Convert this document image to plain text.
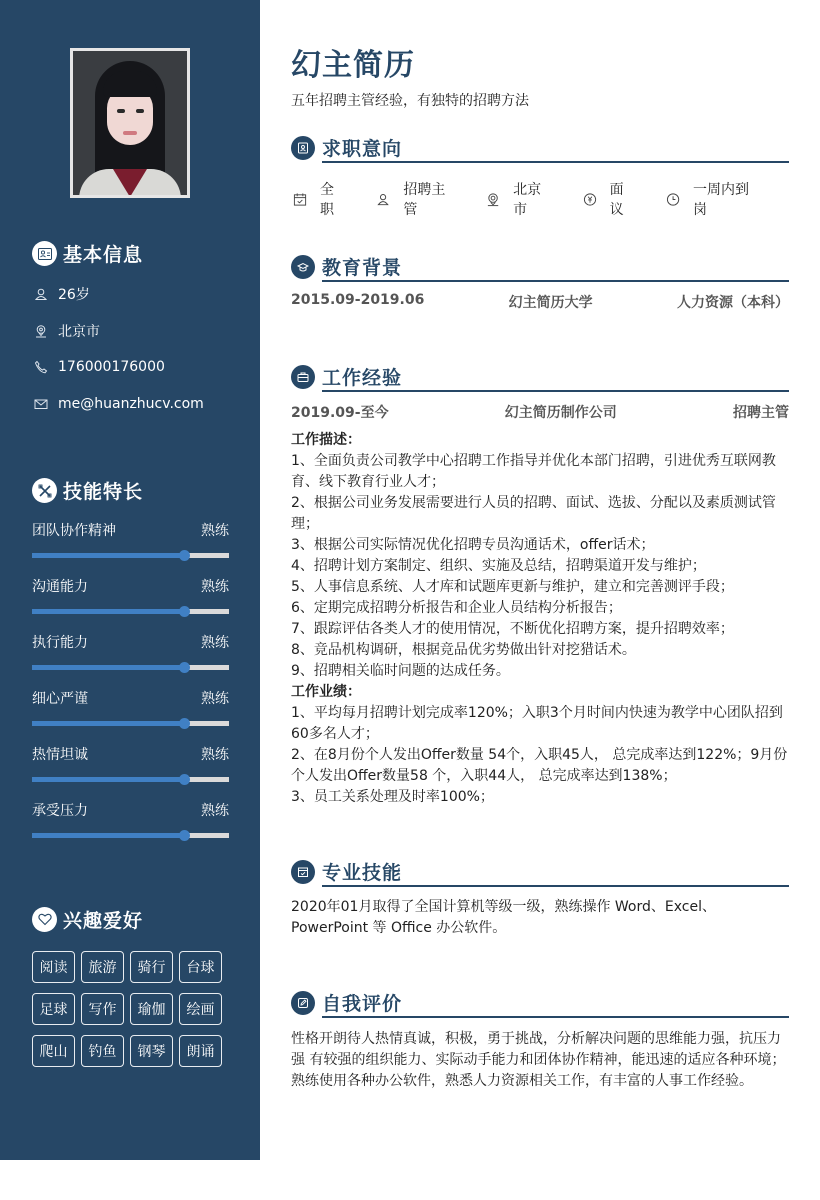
基本信息
26岁
北京市
176000176000
me@huanzhucv.com
技能特长
团队协作精神	熟练
沟通能力	熟练
执行能力	熟练
细心严谨	熟练
热情坦诚	熟练
承受压力	熟练
兴趣爱好
阅读	旅游	骑行	台球
足球	写作	瑜伽	绘画
爬山	钓鱼	钢琴	朗诵
幻主简历
五年招聘主管经验，有独特的招聘方法
求职意向
全职
招聘主管
北京市
面议
一周内到岗
教育背景
2015.09-2019.06	幻主简历大学	人力资源（本科）
工作经验
2019.09-至今	幻主简历制作公司	招聘主管
工作描述：
1、全面负责公司教学中心招聘工作指导并优化本部门招聘，引进优秀互联网教育、线下教育行业人才；
2、根据公司业务发展需要进行人员的招聘、面试、选拔、分配以及素质测试管理；
3、根据公司实际情况优化招聘专员沟通话术，offer话术；
4、招聘计划方案制定、组织、实施及总结，招聘渠道开发与维护；
5、人事信息系统、人才库和试题库更新与维护，建立和完善测评手段；
6、定期完成招聘分析报告和企业人员结构分析报告；
7、跟踪评估各类人才的使用情况，不断优化招聘方案，提升招聘效率；
8、竞品机构调研，根据竞品优劣势做出针对挖猎话术。
9、招聘相关临时问题的达成任务。
工作业绩：
1、平均每月招聘计划完成率120%；入职3个月时间内快速为教学中心团队招到60多名人才；
2、在8月份个人发出Offer数量 54个，入职45人， 总完成率达到122%；9月份个人发出Offer数量58 个，入职44人， 总完成率达到138%；
3、员工关系处理及时率100%；
专业技能
2020年01月取得了全国计算机等级一级，熟练操作 Word、Excel、PowerPoint 等 Office 办公软件。
自我评价
性格开朗待人热情真诚，积极，勇于挑战，分析解决问题的思维能力强，抗压力强 有较强的组织能力、实际动手能力和团体协作精神，能迅速的适应各种环境； 熟练使用各种办公软件，熟悉人力资源相关工作，有丰富的人事工作经验。
